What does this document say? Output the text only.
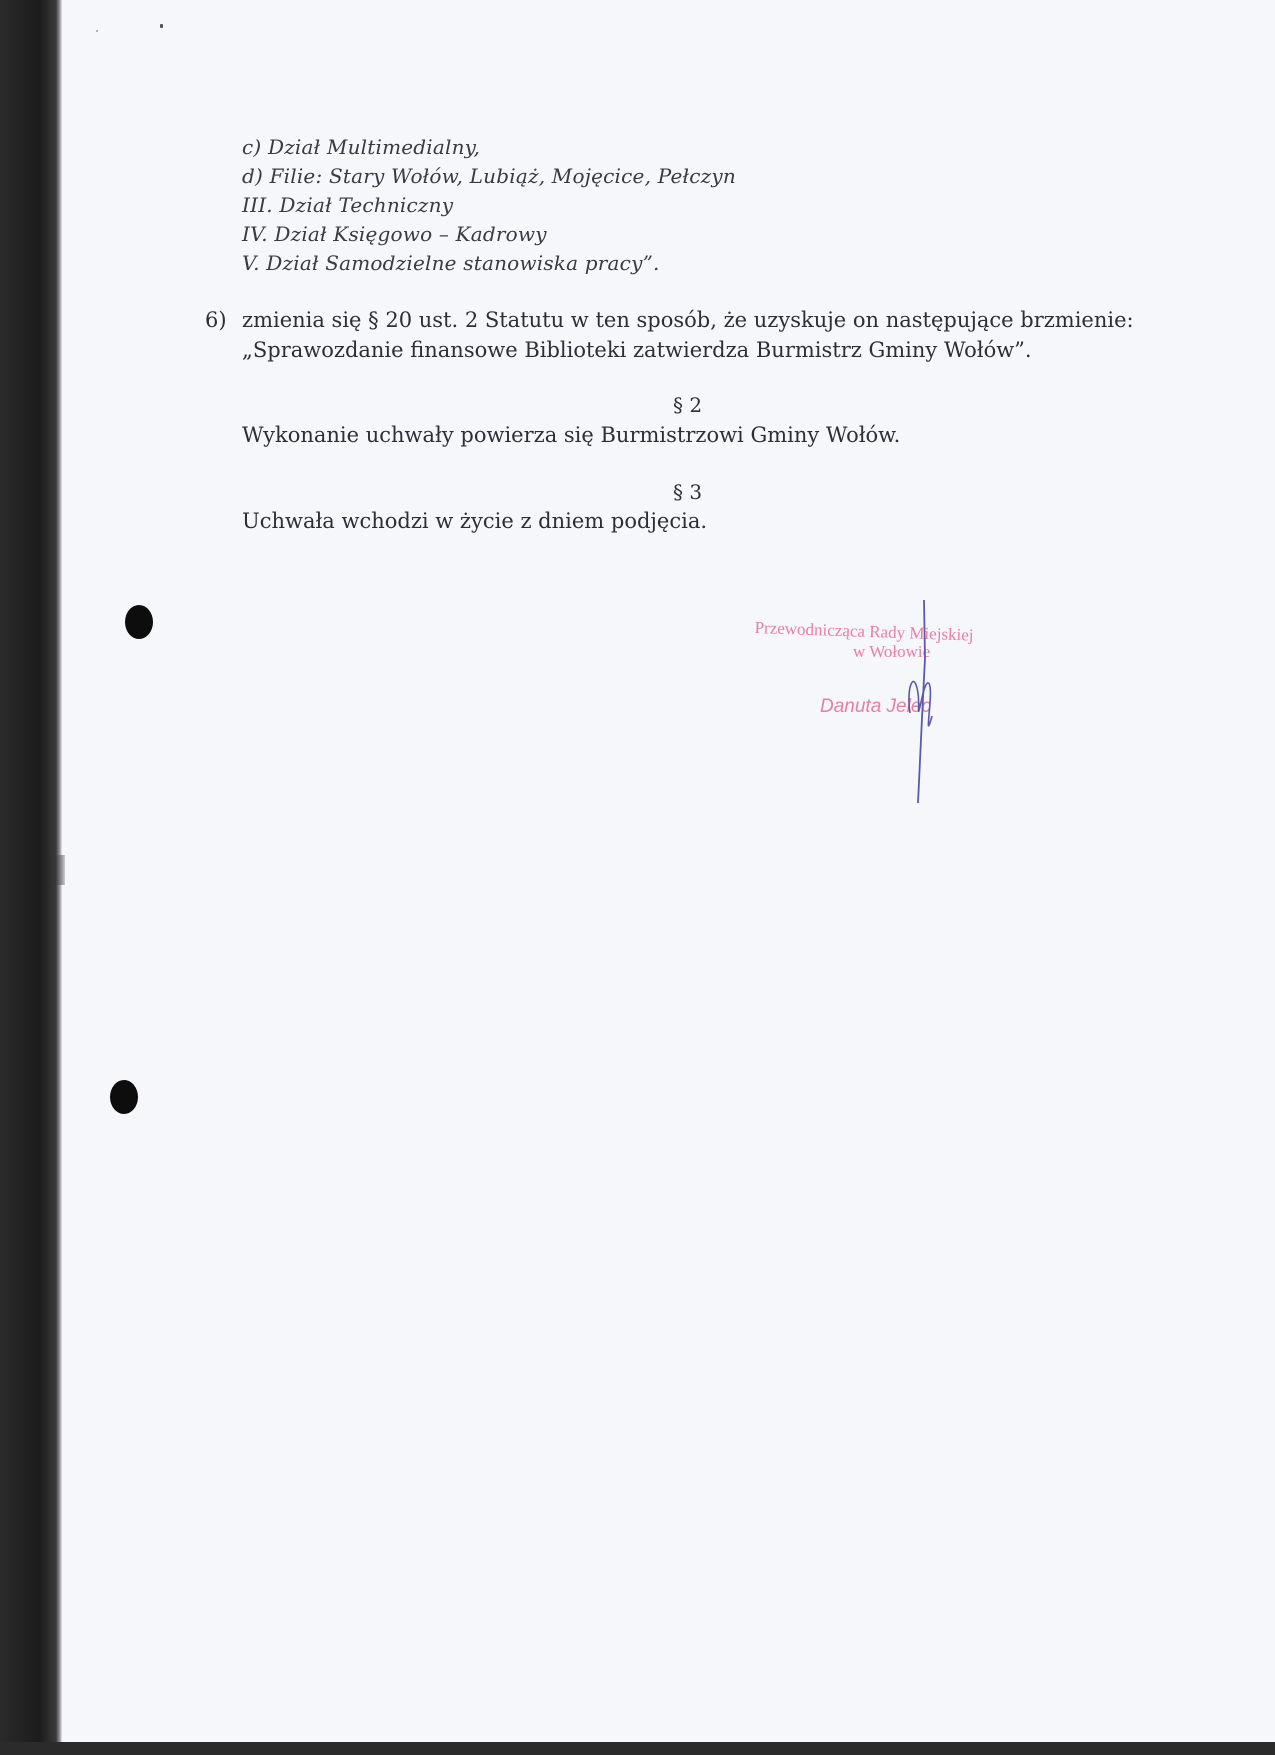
c) Dział Multimedialny,
d) Filie: Stary Wołów, Lubiąż, Mojęcice, Pełczyn
III. Dział Techniczny
IV. Dział Księgowo – Kadrowy
V. Dział Samodzielne stanowiska pracy”.
6) zmienia się § 20 ust. 2 Statutu w ten sposób, że uzyskuje on następujące brzmienie:
„Sprawozdanie finansowe Biblioteki zatwierdza Burmistrz Gminy Wołów”.
§ 2
Wykonanie uchwały powierza się Burmistrzowi Gminy Wołów.
§ 3
Uchwała wchodzi w życie z dniem podjęcia.
Przewodnicząca Rady Miejskiej
w Wołowie
Danuta Jelec
